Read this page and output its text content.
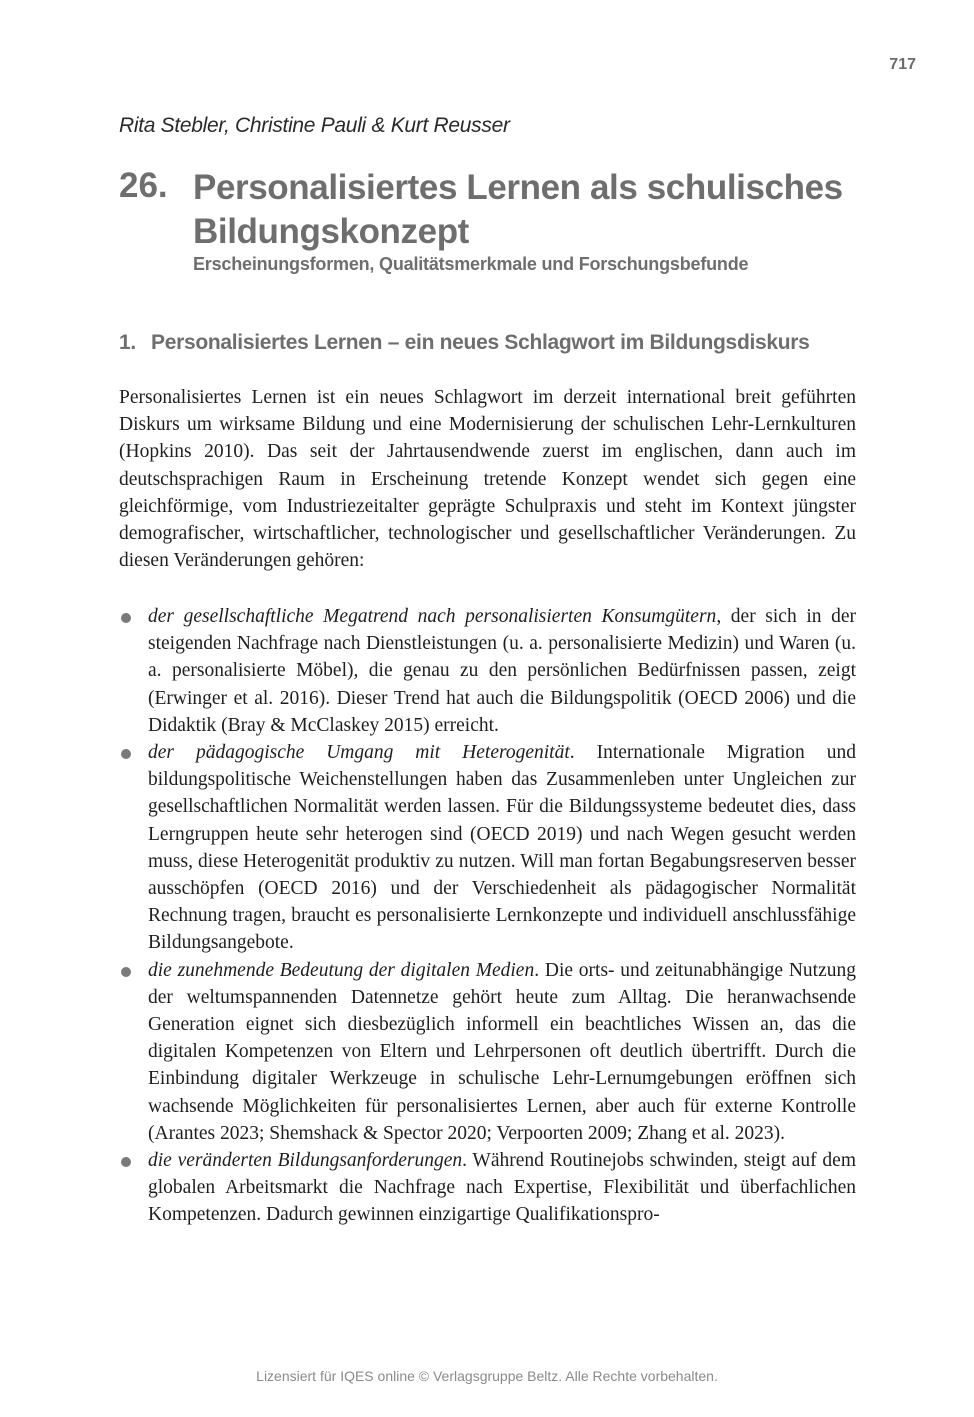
717
Rita Stebler, Christine Pauli & Kurt Reusser
26. Personalisiertes Lernen als schulisches Bildungskonzept
Erscheinungsformen, Qualitätsmerkmale und Forschungsbefunde
1. Personalisiertes Lernen – ein neues Schlagwort im Bildungsdiskurs
Personalisiertes Lernen ist ein neues Schlagwort im derzeit international breit geführten Diskurs um wirksame Bildung und eine Modernisierung der schulischen Lehr-Lernkulturen (Hopkins 2010). Das seit der Jahrtausendwende zuerst im englischen, dann auch im deutschsprachigen Raum in Erscheinung tretende Konzept wendet sich gegen eine gleichförmige, vom Industriezeitalter geprägte Schulpraxis und steht im Kontext jüngster demografischer, wirtschaftlicher, technologischer und gesellschaftlicher Veränderungen. Zu diesen Veränderungen gehören:
der gesellschaftliche Megatrend nach personalisierten Konsumgütern, der sich in der steigenden Nachfrage nach Dienstleistungen (u. a. personalisierte Medizin) und Waren (u. a. personalisierte Möbel), die genau zu den persönlichen Bedürfnissen passen, zeigt (Erwinger et al. 2016). Dieser Trend hat auch die Bildungspolitik (OECD 2006) und die Didaktik (Bray & McClaskey 2015) erreicht.
der pädagogische Umgang mit Heterogenität. Internationale Migration und bildungspolitische Weichenstellungen haben das Zusammenleben unter Ungleichen zur gesellschaftlichen Normalität werden lassen. Für die Bildungssysteme bedeutet dies, dass Lerngruppen heute sehr heterogen sind (OECD 2019) und nach Wegen gesucht werden muss, diese Heterogenität produktiv zu nutzen. Will man fortan Begabungsreserven besser ausschöpfen (OECD 2016) und der Verschiedenheit als pädagogischer Normalität Rechnung tragen, braucht es personalisierte Lernkonzepte und individuell anschlussfähige Bildungsangebote.
die zunehmende Bedeutung der digitalen Medien. Die orts- und zeitunabhängige Nutzung der weltumspannenden Datennetze gehört heute zum Alltag. Die heranwachsende Generation eignet sich diesbezüglich informell ein beachtliches Wissen an, das die digitalen Kompetenzen von Eltern und Lehrpersonen oft deutlich übertrifft. Durch die Einbindung digitaler Werkzeuge in schulische Lehr-Lernumgebungen eröffnen sich wachsende Möglichkeiten für personalisiertes Lernen, aber auch für externe Kontrolle (Arantes 2023; Shemshack & Spector 2020; Verpoorten 2009; Zhang et al. 2023).
die veränderten Bildungsanforderungen. Während Routinejobs schwinden, steigt auf dem globalen Arbeitsmarkt die Nachfrage nach Expertise, Flexibilität und überfachlichen Kompetenzen. Dadurch gewinnen einzigartige Qualifikationspro-
Lizensiert für IQES online © Verlagsgruppe Beltz. Alle Rechte vorbehalten.
